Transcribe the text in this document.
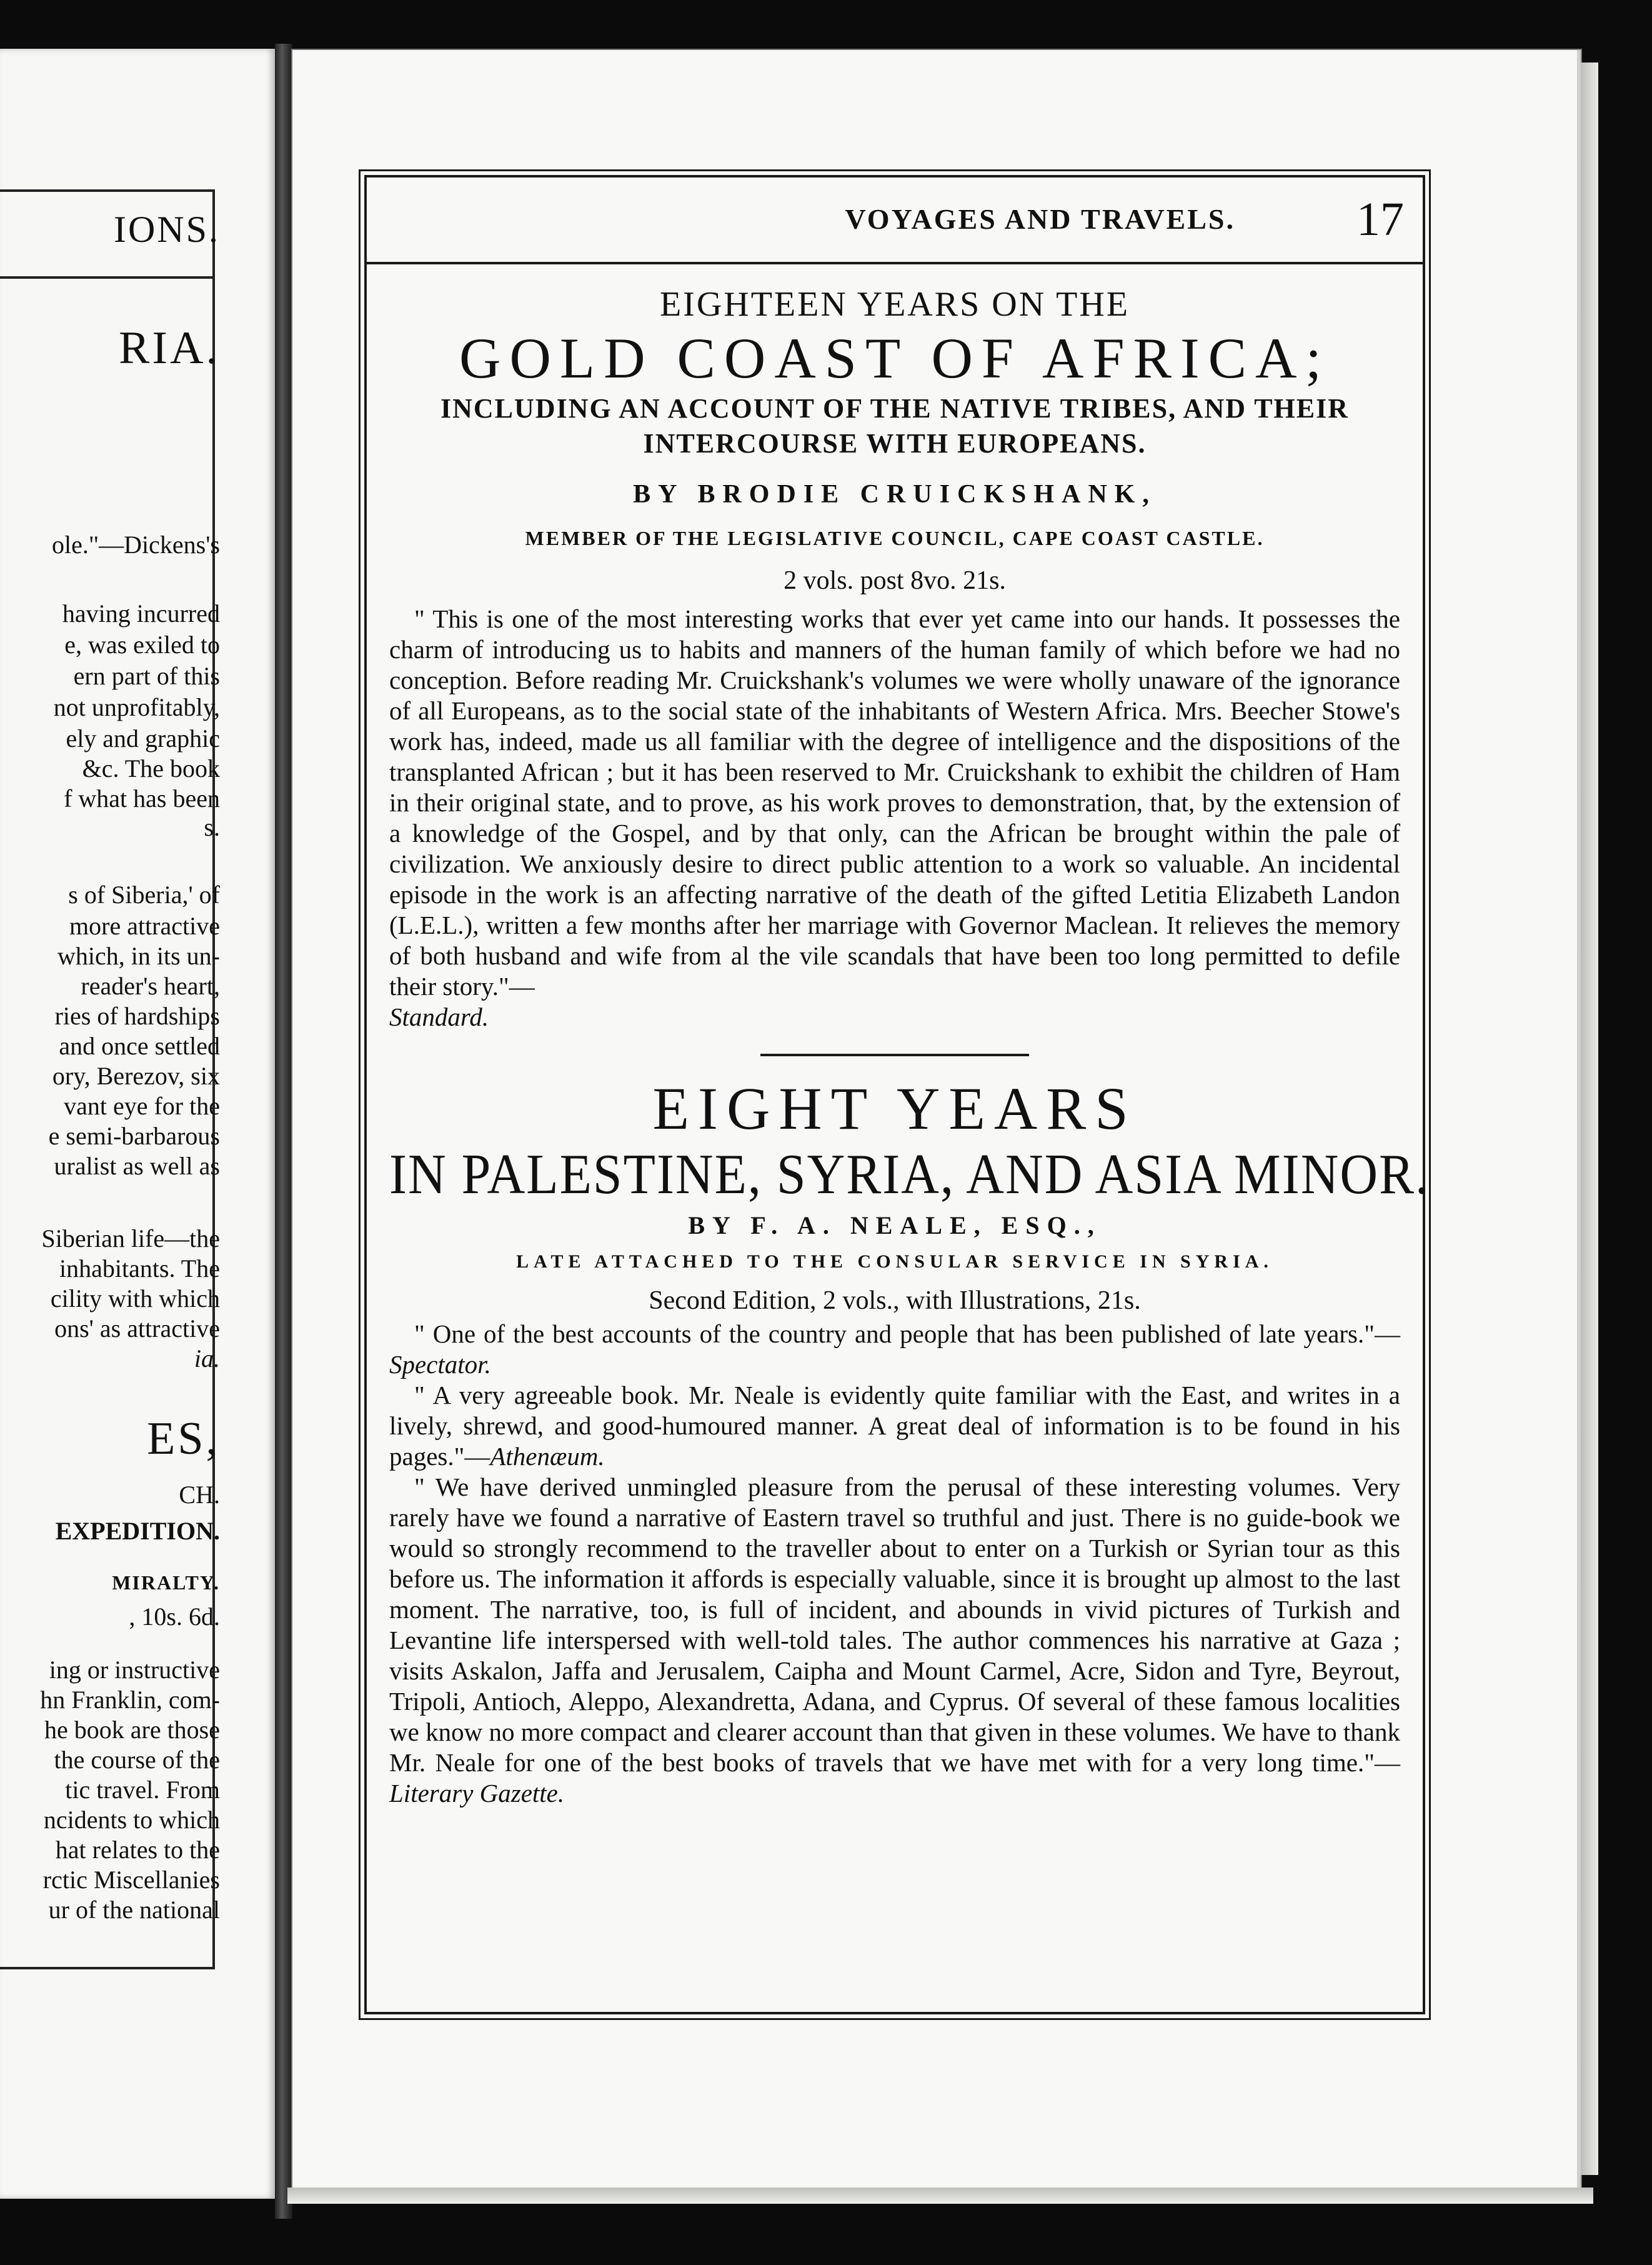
IONS.
RIA.
ole."—Dickens's
having incurred
e, was exiled to
ern part of this
not unprofitably,
ely and graphic
&c. The book
f what has been
s.
s of Siberia,' of
more attractive
which, in its un-
reader's heart,
ries of hardships
and once settled
ory, Berezov, six
vant eye for the
e semi-barbarous
uralist as well as
Siberian life—the
inhabitants. The
cility with which
ons' as attractive
ia.
ES,
CH.
EXPEDITION.
MIRALTY.
, 10s. 6d.
ing or instructive
hn Franklin, com-
he book are those
the course of the
tic travel. From
ncidents to which
hat relates to the
rctic Miscellanies
ur of the national
VOYAGES AND TRAVELS.	17

EIGHTEEN YEARS ON THE

GOLD COAST OF AFRICA;

INCLUDING AN ACCOUNT OF THE NATIVE TRIBES, AND THEIR

INTERCOURSE WITH EUROPEANS.

BY BRODIE CRUICKSHANK,

MEMBER OF THE LEGISLATIVE COUNCIL, CAPE COAST CASTLE.

2 vols. post 8vo. 21s.

" This is one of the most interesting works that ever yet came into our hands. It possesses the charm of introducing us to habits and manners of the human family of which before we had no conception. Before reading Mr. Cruickshank's volumes we were wholly unaware of the ignorance of all Europeans, as to the social state of the inhabitants of Western Africa. Mrs. Beecher Stowe's work has, indeed, made us all familiar with the degree of intelligence and the dispositions of the transplanted African ; but it has been reserved to Mr. Cruickshank to exhibit the children of Ham in their original state, and to prove, as his work proves to demonstration, that, by the extension of a knowledge of the Gospel, and by that only, can the African be brought within the pale of civilization. We anxiously desire to direct public attention to a work so valuable. An incidental episode in the work is an affecting narrative of the death of the gifted Letitia Elizabeth Landon (L.E.L.), written a few months after her marriage with Governor Maclean. It relieves the memory of both husband and wife from al the vile scandals that have been too long permitted to defile their story."—
Standard.

EIGHT YEARS

IN PALESTINE, SYRIA, AND ASIA MINOR.

BY F. A. NEALE, ESQ.,

LATE ATTACHED TO THE CONSULAR SERVICE IN SYRIA.

Second Edition, 2 vols., with Illustrations, 21s.

" One of the best accounts of the country and people that has been published of late years."—Spectator.

" A very agreeable book. Mr. Neale is evidently quite familiar with the East, and writes in a lively, shrewd, and good-humoured manner. A great deal of information is to be found in his pages."—Athenæum.

" We have derived unmingled pleasure from the perusal of these interesting volumes. Very rarely have we found a narrative of Eastern travel so truthful and just. There is no guide-book we would so strongly recommend to the traveller about to enter on a Turkish or Syrian tour as this before us. The information it affords is especially valuable, since it is brought up almost to the last moment. The narrative, too, is full of incident, and abounds in vivid pictures of Turkish and Levantine life interspersed with well-told tales. The author commences his narrative at Gaza ; visits Askalon, Jaffa and Jerusalem, Caipha and Mount Carmel, Acre, Sidon and Tyre, Beyrout, Tripoli, Antioch, Aleppo, Alexandretta, Adana, and Cyprus. Of several of these famous localities we know no more compact and clearer account than that given in these volumes. We have to thank Mr. Neale for one of the best books of travels that we have met with for a very long time."—Literary Gazette.
